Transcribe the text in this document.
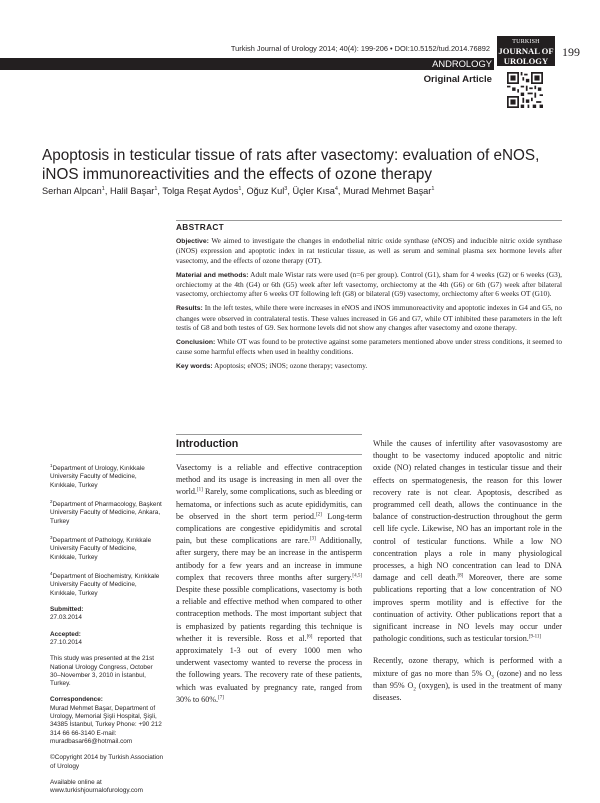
Turkish Journal of Urology 2014; 40(4): 199-206 • DOI:10.5152/tud.2014.76892
TURKISH
JOURNAL OF
UROLOGY
199
ANDROLOGY
Original Article
Apoptosis in testicular tissue of rats after vasectomy: evaluation of eNOS, iNOS immunoreactivities and the effects of ozone therapy
Serhan Alpcan$^1$, Halil Başar$^1$, Tolga Reşat Aydos$^1$, Oğuz Kul$^3$, Üçler Kısa$^4$, Murad Mehmet Başar$^1$
ABSTRACT

Objective: We aimed to investigate the changes in endothelial nitric oxide synthase (eNOS) and inducible nitric oxide synthase (iNOS) expression and apoptotic index in rat testicular tissue, as well as serum and seminal plasma sex hormone levels after vasectomy, and the effects of ozone therapy (OT).

Material and methods: Adult male Wistar rats were used (n=6 per group). Control (G1), sham for 4 weeks (G2) or 6 weeks (G3), orchiectomy at the 4th (G4) or 6th (G5) week after left vasectomy, orchiectomy at the 4th (G6) or 6th (G7) week after bilateral vasectomy, orchiectomy after 6 weeks OT following left (G8) or bilateral (G9) vasectomy, orchiectomy after 6 weeks OT (G10).

Results: In the left testes, while there were increases in eNOS and iNOS immunoreactivity and apoptotic indexes in G4 and G5, no changes were observed in contralateral testis. These values increased in G6 and G7, while OT inhibited these parameters in the left testis of G8 and both testes of G9. Sex hormone levels did not show any changes after vasectomy and ozone therapy.

Conclusion: While OT was found to be protective against some parameters mentioned above under stress conditions, it seemed to cause some harmful effects when used in healthy conditions.

Key words: Apoptosis; eNOS; iNOS; ozone therapy; vasectomy.

$^1$Department of Urology, Kırıkkale University Faculty of Medicine, Kırıkkale, Turkey
$^2$Department of Pharmacology, Başkent University Faculty of Medicine, Ankara, Turkey
$^3$Department of Pathology, Kırıkkale University Faculty of Medicine, Kırıkkale, Turkey
$^4$Department of Biochemistry, Kırıkkale University Faculty of Medicine, Kırıkkale, Turkey
Submitted:
27.03.2014
Accepted:
27.10.2014
This study was presented at the 21st National Urology Congress, October 30–November 3, 2010 in İstanbul, Turkey.
Correspondence:
Murad Mehmet Başar, Department of Urology, Memorial Şişli Hospital, Şişli, 34385 İstanbul, Turkey Phone: +90 212 314 66 66-3140 E-mail: muradbasar66@hotmail.com
©Copyright 2014 by Turkish Association of Urology
Available online at www.turkishjournalofurology.com
Introduction

Vasectomy is a reliable and effective contraception method and its usage is increasing in men all over the world.[1] Rarely, some complications, such as bleeding or hematoma, or infections such as acute epididymitis, can be observed in the short term period.[2] Long-term complications are congestive epididymitis and scrotal pain, but these complications are rare.[3] Additionally, after surgery, there may be an increase in the antisperm antibody for a few years and an increase in immune complex that recovers three months after surgery.[4,5] Despite these possible complications, vasectomy is both a reliable and effective method when compared to other contraception methods. The most important subject that is emphasized by patients regarding this technique is whether it is reversible. Ross et al.[6] reported that approximately 1-3 out of every 1000 men who underwent vasectomy wanted to reverse the process in the following years. The recovery rate of these patients, which was evaluated by pregnancy rate, ranged from 30% to 60%.[7]

While the causes of infertility after vasovasostomy are thought to be vasectomy induced apoptolic and nitric oxide (NO) related changes in testicular tissue and their effects on spermatogenesis, the reason for this lower recovery rate is not clear. Apoptosis, described as programmed cell death, allows the continuance in the balance of construction-destruction throughout the germ cell life cycle. Likewise, NO has an important role in the control of testicular functions. While a low NO concentration plays a role in many physiological processes, a high NO concentration can lead to DNA damage and cell death.[8] Moreover, there are some publications reporting that a low concentration of NO improves sperm motility and is effective for the continuation of activity. Other publications report that a significant increase in NO levels may occur under pathologic conditions, such as testicular torsion.[9-11]

Recently, ozone therapy, which is performed with a mixture of gas no more than 5% $O_3$ (ozone) and no less than 95% $O_2$ (oxygen), is used in the treatment of many diseases.
